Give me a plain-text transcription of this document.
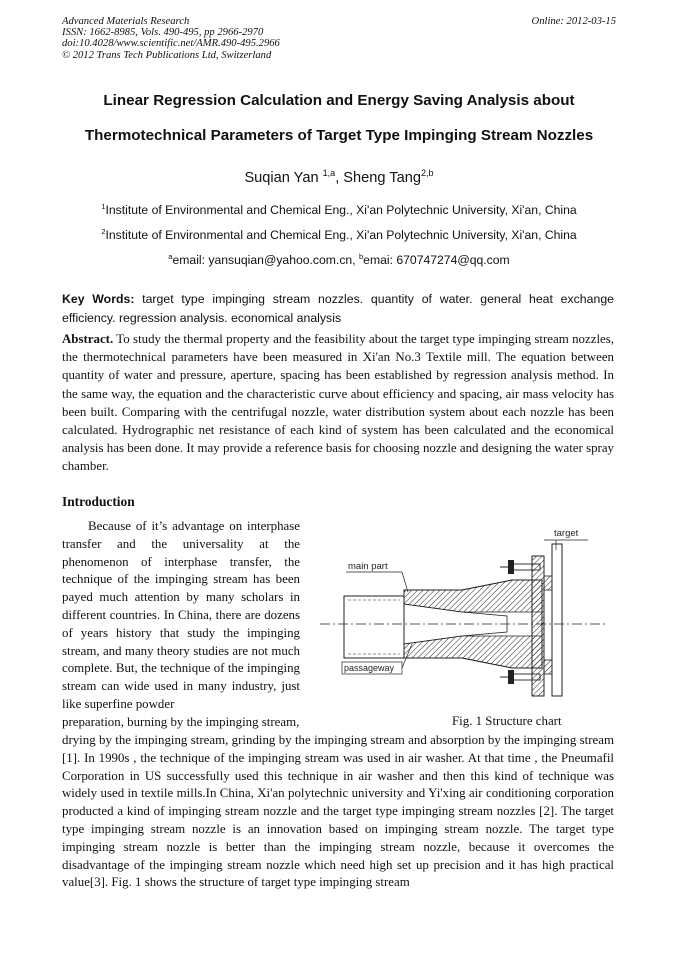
Advanced Materials Research
ISSN: 1662-8985, Vols. 490-495, pp 2966-2970
doi:10.4028/www.scientific.net/AMR.490-495.2966
© 2012 Trans Tech Publications Ltd, Switzerland
Online: 2012-03-15
Linear Regression Calculation and Energy Saving Analysis about
Thermotechnical Parameters of Target Type Impinging Stream Nozzles
Suqian Yan $^{1,a}$, Sheng Tang$^{2,b}$
$^1$Institute of Environmental and Chemical Eng., Xi'an Polytechnic University, Xi'an, China
$^2$Institute of Environmental and Chemical Eng., Xi'an Polytechnic University, Xi'an, China
$^a$email: yansuqian@yahoo.com.cn, $^b$emai: 670747274@qq.com
Key Words: target type impinging stream nozzles. quantity of water. general heat exchange efficiency. regression analysis. economical analysis
Abstract. To study the thermal property and the feasibility about the target type impinging stream nozzles, the thermotechnical parameters have been measured in Xi'an No.3 Textile mill. The equation between quantity of water and pressure, aperture, spacing has been established by regression analysis method. In the same way, the equation and the characteristic curve about efficiency and spacing, air mass velocity has been built. Comparing with the centrifugal nozzle, water distribution system about each nozzle has been calculated. Hydrographic net resistance of each kind of system has been calculated and the economical analysis has been done. It may provide a reference basis for choosing nozzle and designing the water spray chamber.
Introduction
Because of it’s advantage on interphase transfer and the universality at the phenomenon of interphase transfer, the technique of the impinging stream has been payed much attention by many scholars in different countries. In China, there are dozens of years history that study the impinging stream, and many theory studies are not much complete. But, the technique of the impinging stream can wide used in many industry, just like superfine powder
preparation, burning by the impinging stream,
drying by the impinging stream, grinding by the impinging stream and absorption by the impinging stream [1]. In 1990s , the technique of the impinging stream was used in air washer. At that time , the Pneumafil Corporation in US successfully used this technique in air washer and then this kind of technique was widely used in textile mills.In China, Xi'an polytechnic university and Yi'xing air conditioning corporation producted a kind of impinging stream nozzle and the target type impinging stream nozzles [2]. The target type impinging stream nozzle is an innovation based on impinging stream nozzle. The target type impinging stream nozzle is better than the impinging stream nozzle, because it overcomes the disadvantage of the impinging stream nozzle which need high set up precision and it has high practical value[3]. Fig. 1 shows the structure of target type impinging stream
target
main part
passageway
Fig. 1 Structure chart
